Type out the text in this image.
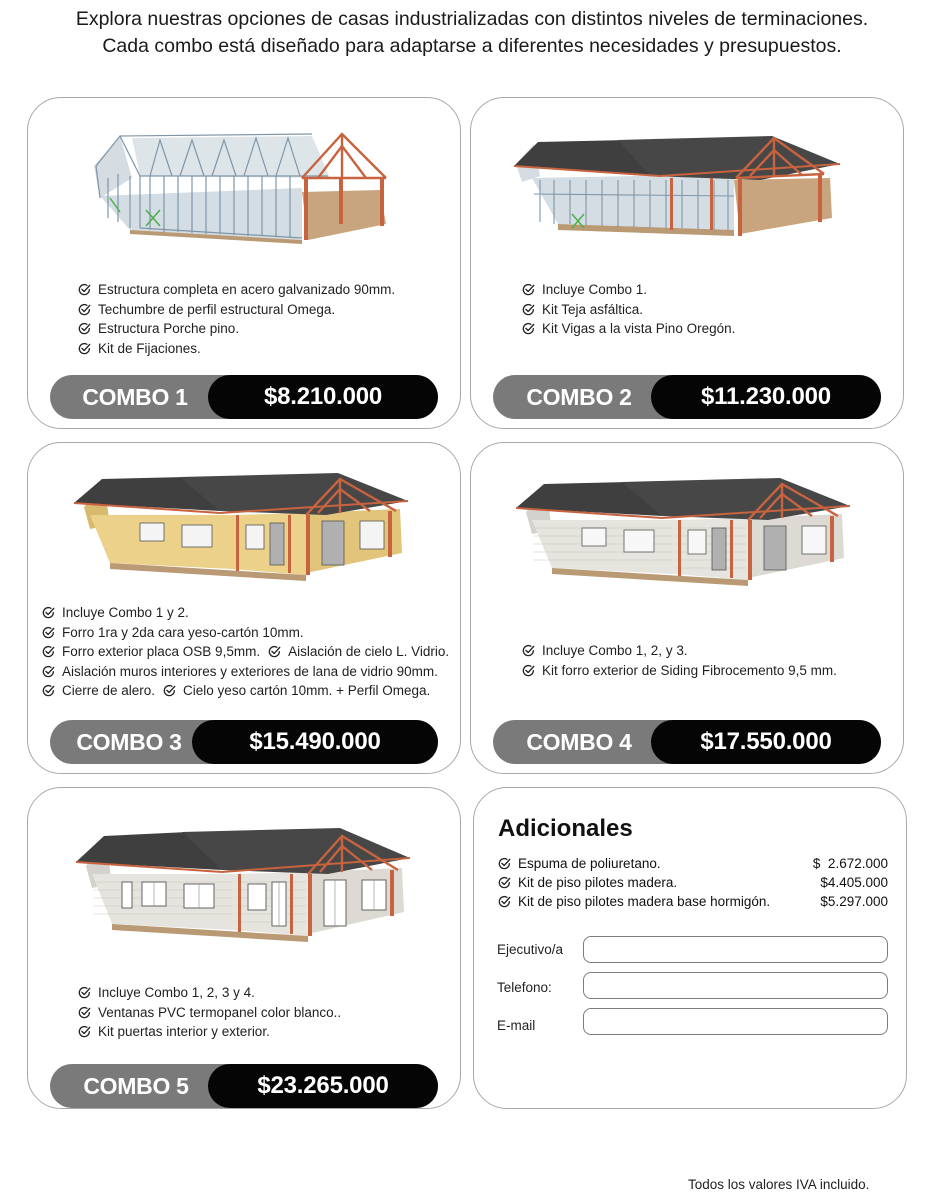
Explora nuestras opciones de casas industrializadas con distintos niveles de terminaciones.
Cada combo está diseñado para adaptarse a diferentes necesidades y presupuestos.
Estructura completa en acero galvanizado 90mm.
Techumbre de perfil estructural Omega.
Estructura Porche pino.
Kit de Fijaciones.
COMBO 1	$8.210.000
Incluye Combo 1.
Kit Teja asfáltica.
Kit Vigas a la vista Pino Oregón.
COMBO 2	$11.230.000
Incluye Combo 1 y 2.
Forro 1ra y 2da cara yeso-cartón 10mm.
Forro exterior placa OSB 9,5mm. Aislación de cielo L. Vidrio.
Aislación muros interiores y exteriores de lana de vidrio 90mm.
Cierre de alero. Cielo yeso cartón 10mm. + Perfil Omega.
COMBO 3	$15.490.000
Incluye Combo 1, 2, y 3.
Kit forro exterior de Siding Fibrocemento 9,5 mm.
COMBO 4	$17.550.000
Incluye Combo 1, 2, 3 y 4.
Ventanas PVC termopanel color blanco..
Kit puertas interior y exterior.
COMBO 5	$23.265.000
Adicionales
Espuma de poliuretano.	$  2.672.000
Kit de piso pilotes madera.	$4.405.000
Kit de piso pilotes madera base hormigón.	$5.297.000
Ejecutivo/a
Telefono:
E-mail
Todos los valores IVA incluido.
